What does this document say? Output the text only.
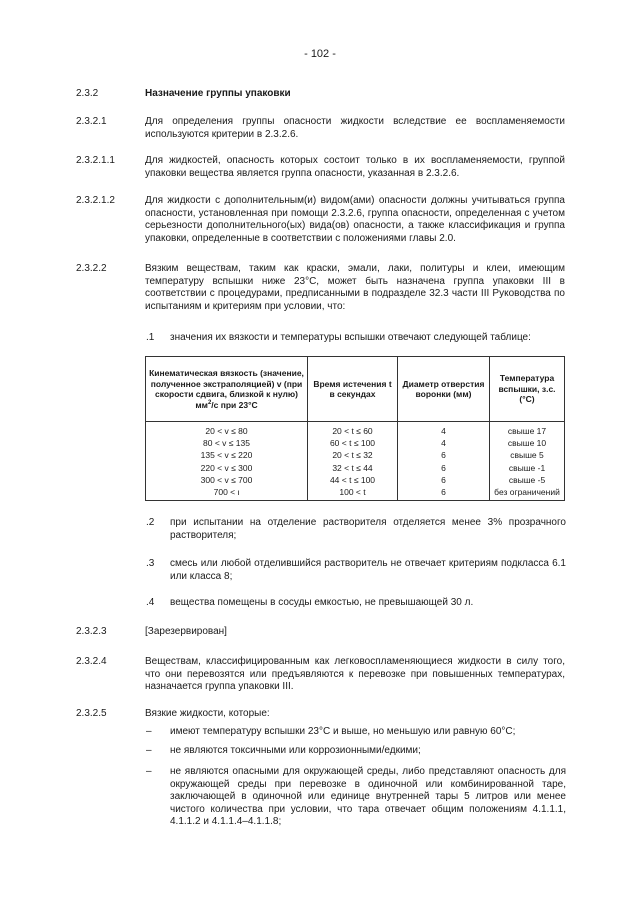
- 102 -
2.3.2	Назначение группы упаковки
2.3.2.1	Для определения группы опасности жидкости вследствие ее воспламеняемости используются критерии в 2.3.2.6.
2.3.2.1.1	Для жидкостей, опасность которых состоит только в их воспламеняемости, группой упаковки вещества является группа опасности, указанная в 2.3.2.6.
2.3.2.1.2	Для жидкости с дополнительным(и) видом(ами) опасности должны учитываться группа опасности, установленная при помощи 2.3.2.6, группа опасности, определенная с учетом серьезности дополнительного(ых) вида(ов) опасности, а также классификация и группа упаковки, определенные в соответствии с положениями главы 2.0.
2.3.2.2	Вязким веществам, таким как краски, эмали, лаки, политуры и клеи, имеющим температуру вспышки ниже 23°C, может быть назначена группа упаковки III в соответствии с процедурами, предписанными в подразделе 32.3 части III Руководства по испытаниям и критериям при условии, что:
.1 значения их вязкости и температуры вспышки отвечают следующей таблице:
Кинематическая вязкость (значение, полученное экстраполяцией) v (при скорости сдвига, близкой к нулю)
$мм^2/с$ при 23°C	Время истечения t в секундах	Диаметр отверстия воронки (мм)	Температура вспышки, з.с. (°C)
20 < v ≤ 80	20 < t ≤ 60	4	свыше 17
80 < v ≤ 135	60 < t ≤ 100	4	свыше 10
135 < v ≤ 220	20 < t ≤ 32	6	свыше 5
220 < v ≤ 300	32 < t ≤ 44	6	свыше -1
300 < v ≤ 700	44 < t ≤ 100	6	свыше -5
700 < ι	100 < t	6	без ограничений
.2 при испытании на отделение растворителя отделяется менее 3% прозрачного растворителя;
.3 смесь или любой отделившийся растворитель не отвечает критериям подкласса 6.1 или класса 8;
.4 вещества помещены в сосуды емкостью, не превышающей 30 л.
2.3.2.3	[Зарезервирован]
2.3.2.4	Веществам, классифицированным как легковоспламеняющиеся жидкости в силу того, что они перевозятся или предъявляются к перевозке при повышенных температурах, назначается группа упаковки III.
2.3.2.5	Вязкие жидкости, которые:
– имеют температуру вспышки 23°C и выше, но меньшую или равную 60°C;
– не являются токсичными или коррозионными/едкими;
– не являются опасными для окружающей среды, либо представляют опасность для окружающей среды при перевозке в одиночной или комбинированной таре, заключающей в одиночной или единице внутренней тары 5 литров или менее чистого количества при условии, что тара отвечает общим положениям 4.1.1.1, 4.1.1.2 и 4.1.1.4–4.1.1.8;
